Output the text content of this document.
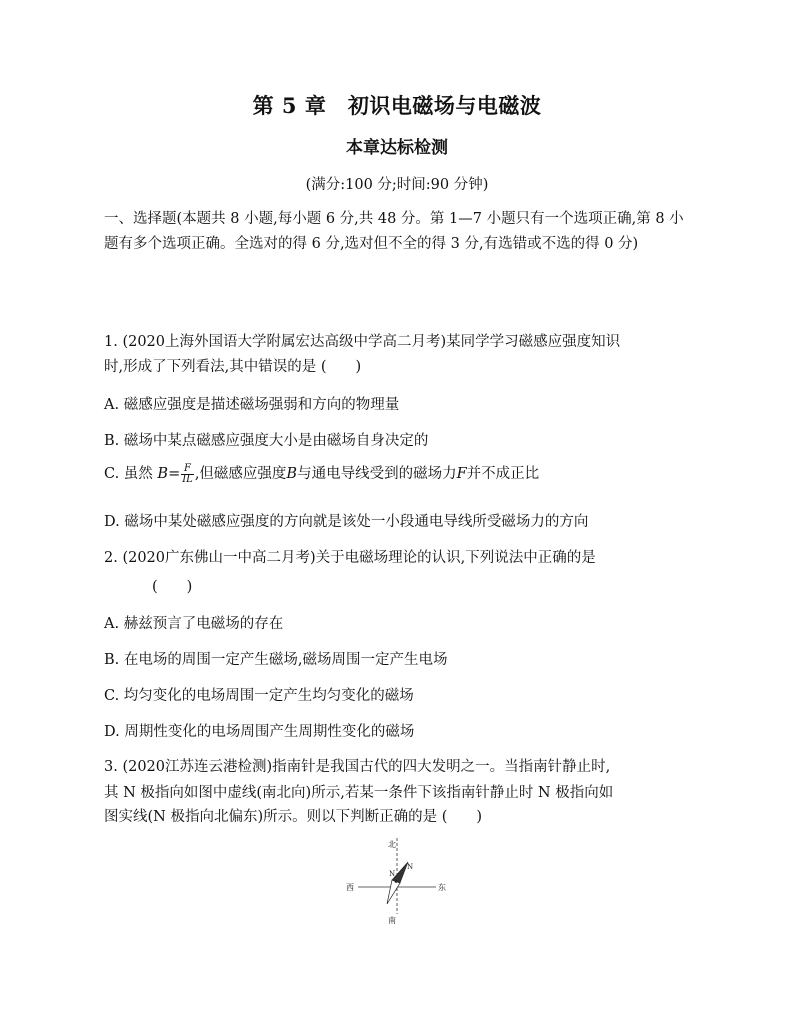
第 5 章　初识电磁场与电磁波
本章达标检测
(满分:100 分;时间:90 分钟)
一、选择题(本题共 8 小题,每小题 6 分,共 48 分。第 1—7 小题只有一个选项正确,第 8 小题有多个选项正确。全选对的得 6 分,选对但不全的得 3 分,有选错或不选的得 0 分)
1. (2020上海外国语大学附属宏达高级中学高二月考)某同学学习磁感应强度知识
时,形成了下列看法,其中错误的是 (　　)
A. 磁感应强度是描述磁场强弱和方向的物理量
B. 磁场中某点磁感应强度大小是由磁场自身决定的
C. 虽然 $B= \frac{F}{IL}$ ,但磁感应强度B与通电导线受到的磁场力F并不成正比
D. 磁场中某处磁感应强度的方向就是该处一小段通电导线所受磁场力的方向
2. (2020广东佛山一中高二月考)关于电磁场理论的认识,下列说法中正确的是
(　　)
A. 赫兹预言了电磁场的存在
B. 在电场的周围一定产生磁场,磁场周围一定产生电场
C. 均匀变化的电场周围一定产生均匀变化的磁场
D. 周期性变化的电场周围产生周期性变化的磁场
3. (2020江苏连云港检测)指南针是我国古代的四大发明之一。当指南针静止时,
其 N 极指向如图中虚线(南北向)所示,若某一条件下该指南针静止时 N 极指向如
图实线(N 极指向北偏东)所示。则以下判断正确的是 (　　)
北
南
西	东
N
N
